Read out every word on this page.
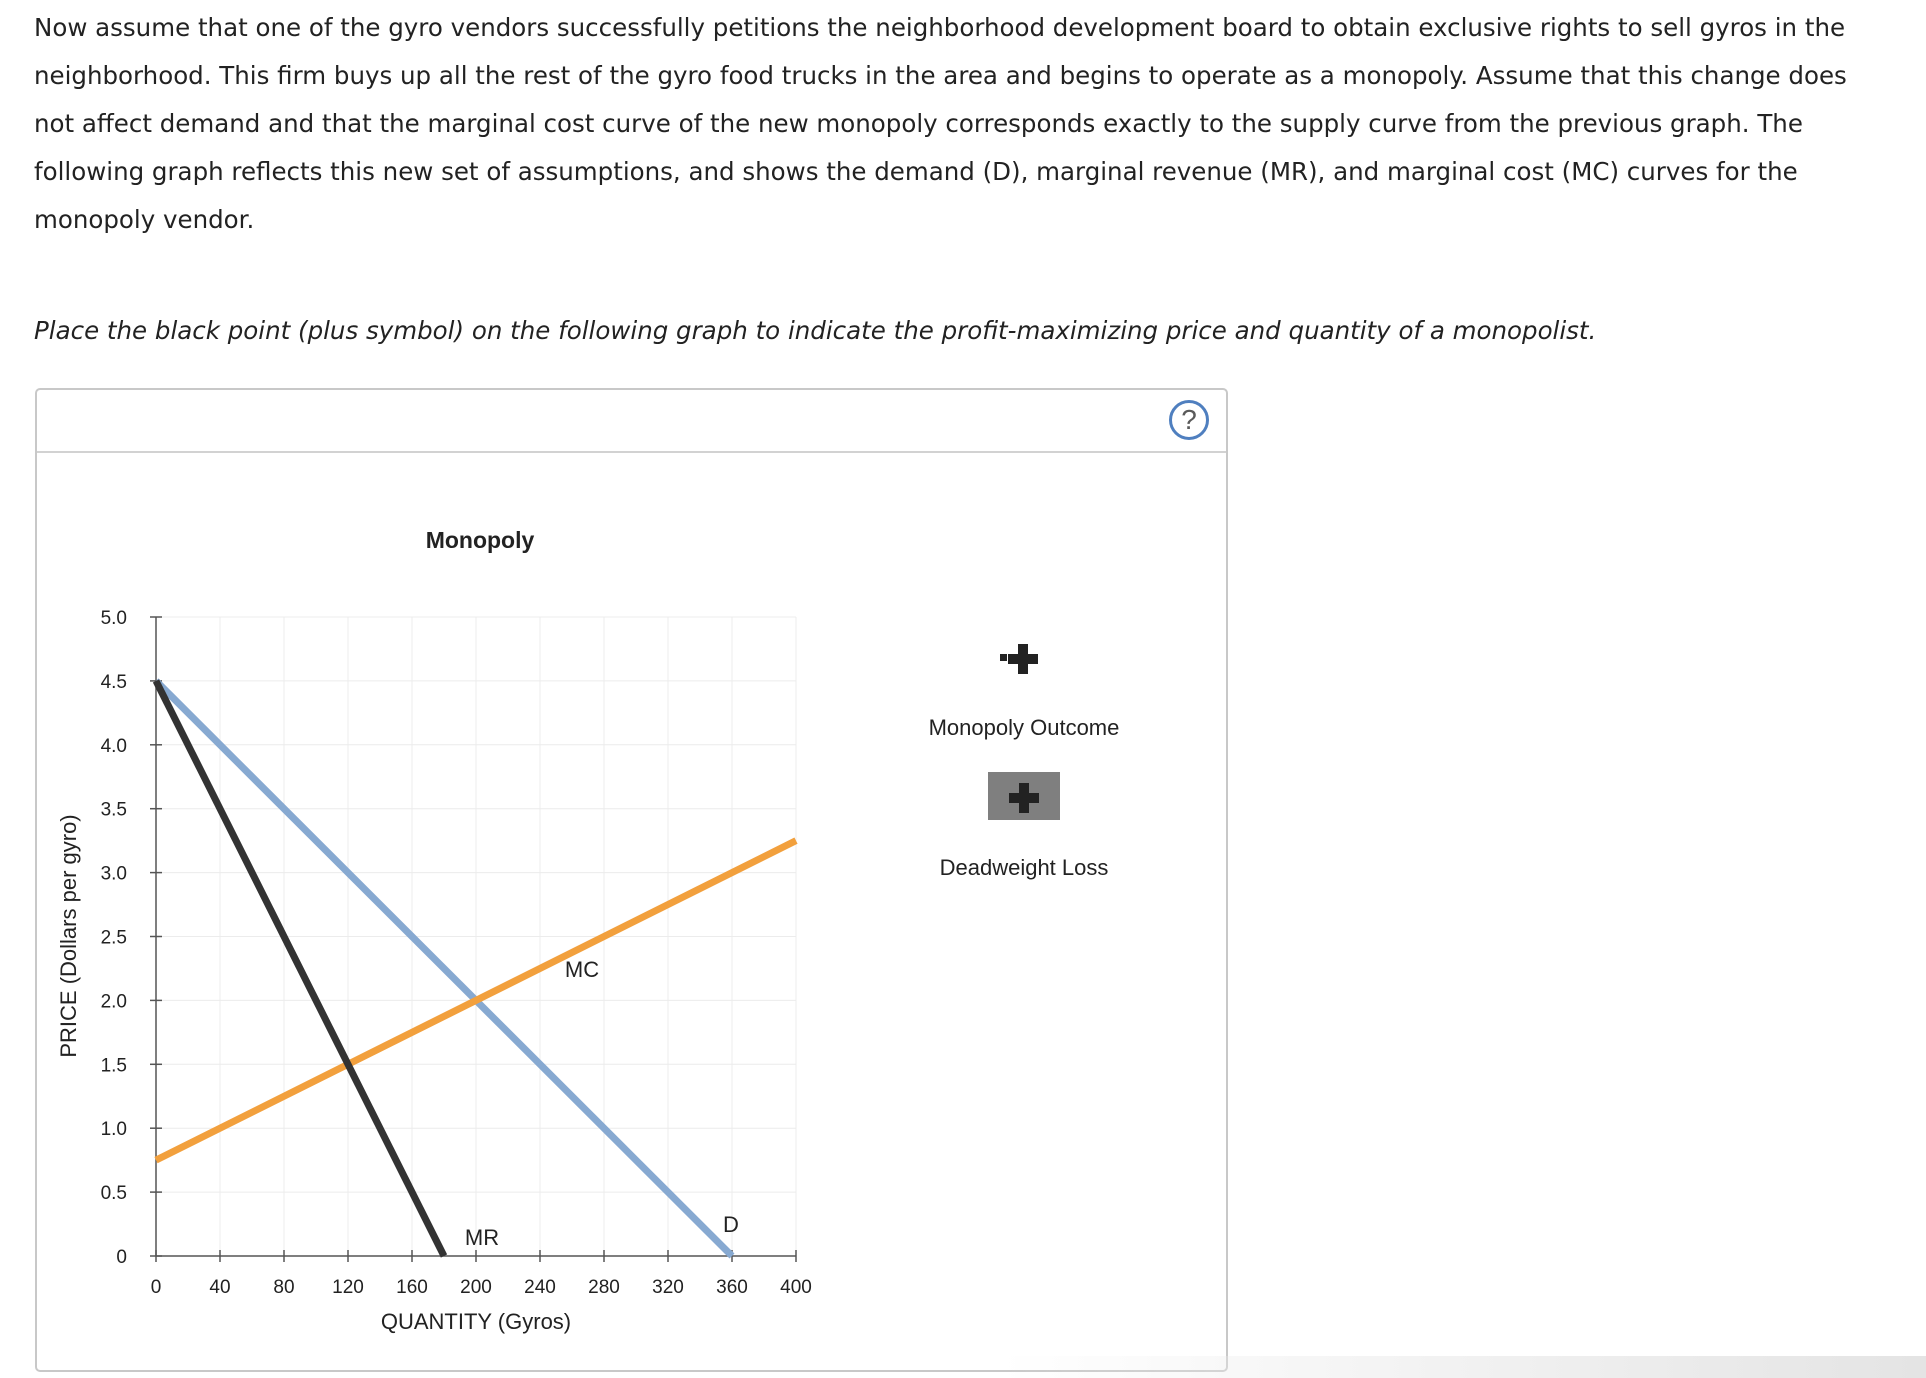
Now assume that one of the gyro vendors successfully petitions the neighborhood development board to obtain exclusive rights to sell gyros in the neighborhood. This firm buys up all the rest of the gyro food trucks in the area and begins to operate as a monopoly. Assume that this change does not affect demand and that the marginal cost curve of the new monopoly corresponds exactly to the supply curve from the previous graph. The following graph reflects this new set of assumptions, and shows the demand (D), marginal revenue (MR), and marginal cost (MC) curves for the monopoly vendor.

Place the black point (plus symbol) on the following graph to indicate the profit-maximizing price and quantity of a monopolist.

?
0
0.5
1.0
1.5
2.0
2.5
3.0
3.5
4.0
4.5
5.0
0	40 80 120 160 200 240 280 320 360 400
Monopoly
QUANTITY (Gyros)
PRICE (Dollars per gyro)
D
MR
MC
Monopoly Outcome
Deadweight Loss
